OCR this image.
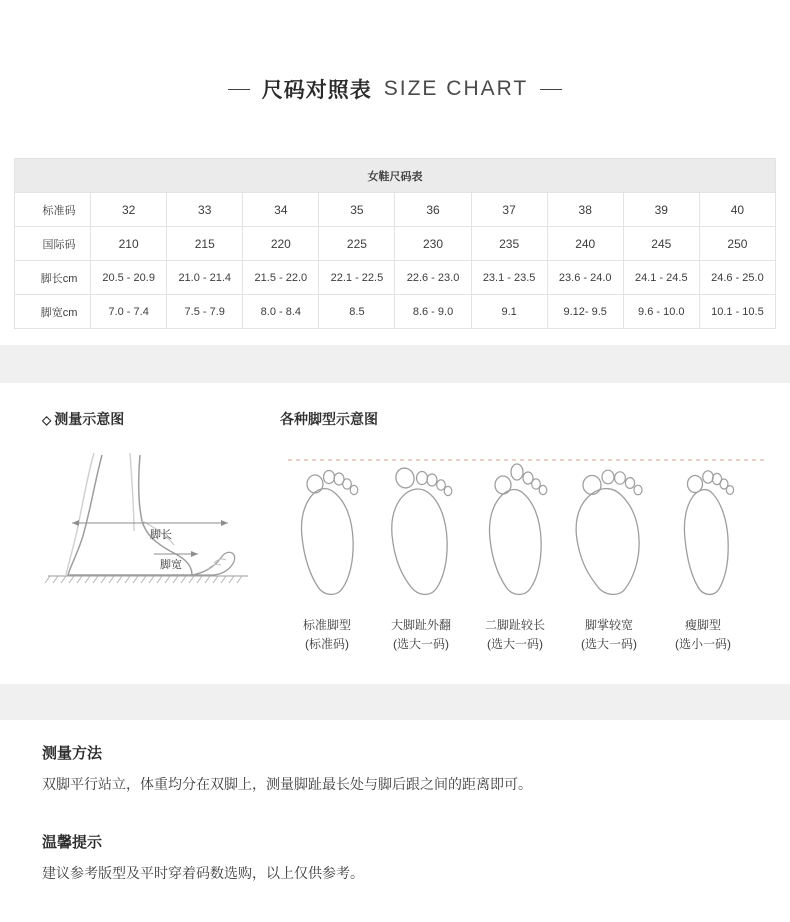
尺码对照表 SIZE CHART
女鞋尺码表									
标准码	32	33	34	35	36	37	38	39	40
国际码	210	215	220	225	230	235	240	245	250
脚长cm	20.5 - 20.9	21.0 - 21.4	21.5 - 22.0	22.1 - 22.5	22.6 - 23.0	23.1 - 23.5	23.6 - 24.0	24.1 - 24.5	24.6 - 25.0
脚宽cm	7.0 - 7.4	7.5 - 7.9	8.0 - 8.4	8.5	8.6 - 9.0	9.1	9.12- 9.5	9.6 - 10.0	10.1 - 10.5
◇ 测量示意图
脚长
脚宽
各种脚型示意图
标准脚型
(标准码)
大脚趾外翻
(选大一码)
二脚趾较长
(选大一码)
脚掌较宽
(选大一码)
瘦脚型
(选小一码)
测量方法
双脚平行站立，体重均分在双脚上，测量脚趾最长处与脚后跟之间的距离即可。
温馨提示
建议参考版型及平时穿着码数选购，以上仅供参考。
